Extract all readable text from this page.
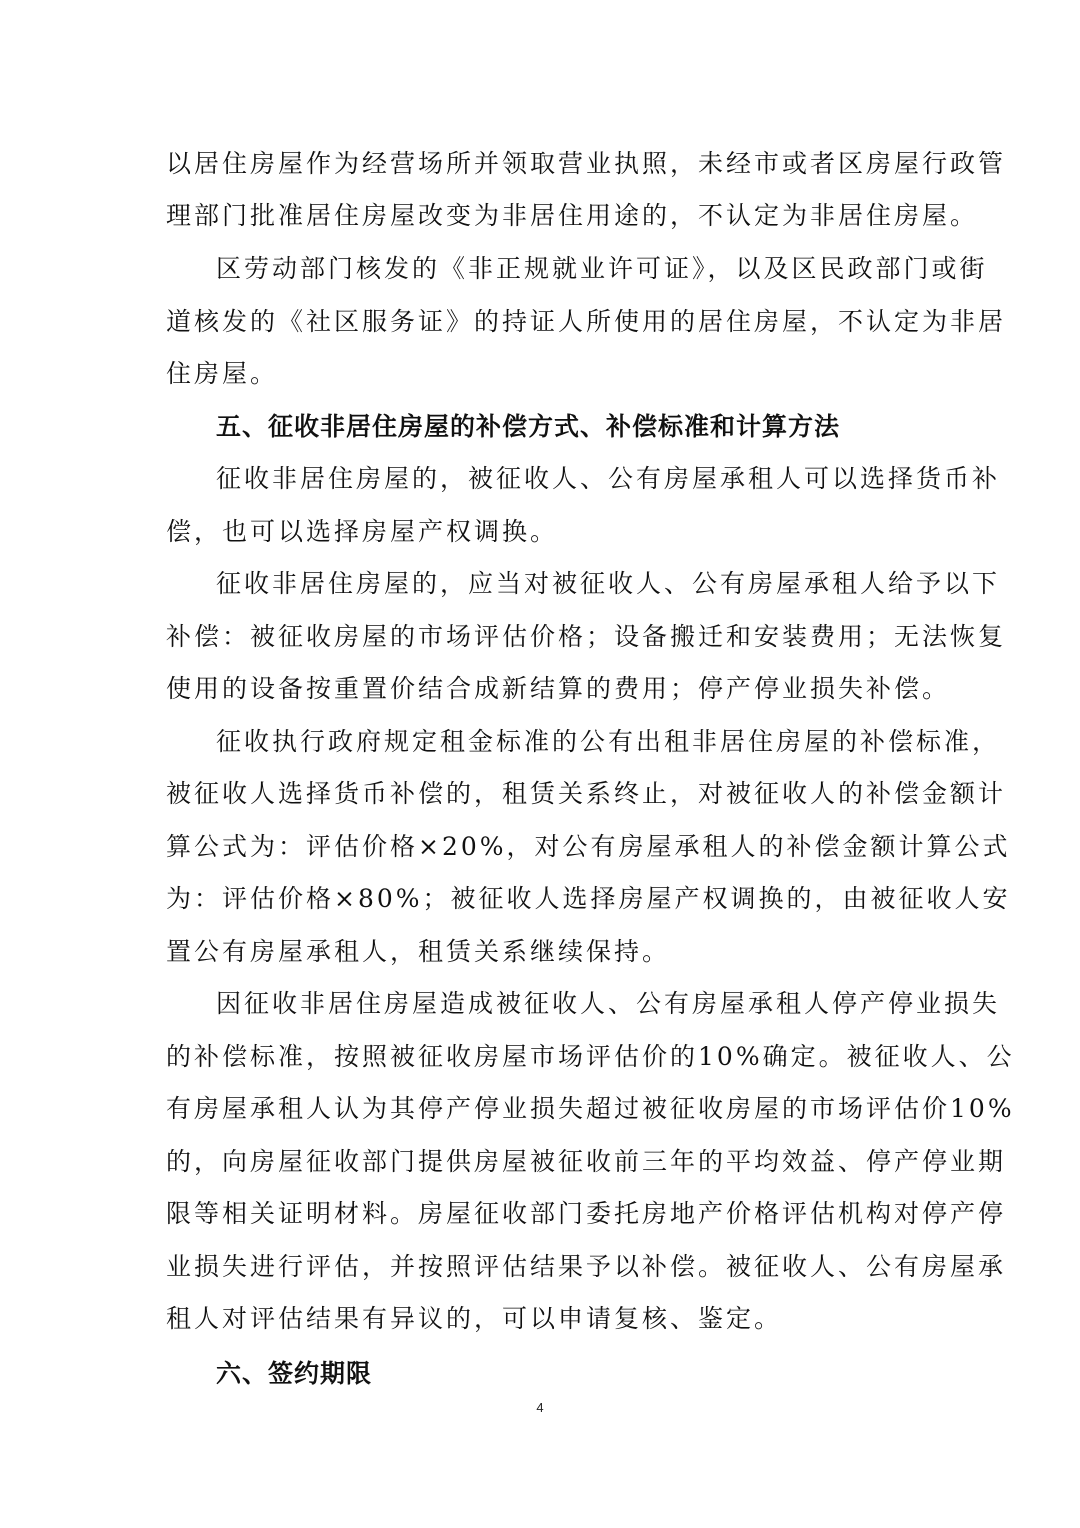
以居住房屋作为经营场所并领取营业执照，未经市或者区房屋行政管
理部门批准居住房屋改变为非居住用途的，不认定为非居住房屋。
区劳动部门核发的《非正规就业许可证》，以及区民政部门或街
道核发的《社区服务证》的持证人所使用的居住房屋，不认定为非居
住房屋。
五、征收非居住房屋的补偿方式、补偿标准和计算方法
征收非居住房屋的，被征收人、公有房屋承租人可以选择货币补
偿，也可以选择房屋产权调换。
征收非居住房屋的，应当对被征收人、公有房屋承租人给予以下
补偿：被征收房屋的市场评估价格；设备搬迁和安装费用；无法恢复
使用的设备按重置价结合成新结算的费用；停产停业损失补偿。
征收执行政府规定租金标准的公有出租非居住房屋的补偿标准，
被征收人选择货币补偿的，租赁关系终止，对被征收人的补偿金额计
算公式为：评估价格×20%，对公有房屋承租人的补偿金额计算公式
为：评估价格×80%；被征收人选择房屋产权调换的，由被征收人安
置公有房屋承租人，租赁关系继续保持。
因征收非居住房屋造成被征收人、公有房屋承租人停产停业损失
的补偿标准，按照被征收房屋市场评估价的10%确定。被征收人、公
有房屋承租人认为其停产停业损失超过被征收房屋的市场评估价10%
的，向房屋征收部门提供房屋被征收前三年的平均效益、停产停业期
限等相关证明材料。房屋征收部门委托房地产价格评估机构对停产停
业损失进行评估，并按照评估结果予以补偿。被征收人、公有房屋承
租人对评估结果有异议的，可以申请复核、鉴定。
六、签约期限
4
